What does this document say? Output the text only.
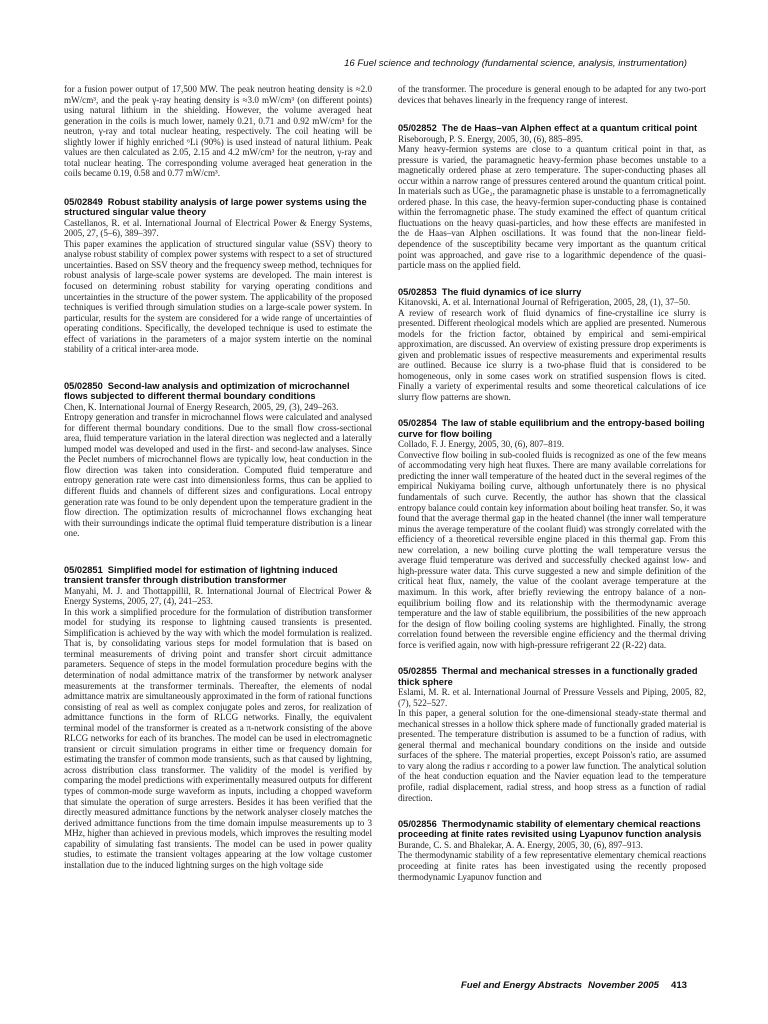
16 Fuel science and technology (fundamental science, analysis, instrumentation)

for a fusion power output of 17,500 MW. The peak neutron heating density is ≈2.0 mW/cm³, and the peak γ-ray heating density is ≈3.0 mW/cm³ (on different points) using natural lithium in the shielding. However, the volume averaged heat generation in the coils is much lower, namely 0.21, 0.71 and 0.92 mW/cm³ for the neutron, γ-ray and total nuclear heating, respectively. The coil heating will be slightly lower if highly enriched ⁶Li (90%) is used instead of natural lithium. Peak values are then calculated as 2.05, 2.15 and 4.2 mW/cm³ for the neutron, γ-ray and total nuclear heating. The corresponding volume averaged heat generation in the coils became 0.19, 0.58 and 0.77 mW/cm³.

05/02849 Robust stability analysis of large power systems using the structured singular value theory
Castellanos, R. et al. International Journal of Electrical Power & Energy Systems, 2005, 27, (5–6), 389–397.
This paper examines the application of structured singular value (SSV) theory to analyse robust stability of complex power systems with respect to a set of structured uncertainties. Based on SSV theory and the frequency sweep method, techniques for robust analysis of large-scale power systems are developed. The main interest is focused on determining robust stability for varying operating conditions and uncertainties in the structure of the power system. The applicability of the proposed techniques is verified through simulation studies on a large-scale power system. In particular, results for the system are considered for a wide range of uncertainties of operating conditions. Specifically, the developed technique is used to estimate the effect of variations in the parameters of a major system intertie on the nominal stability of a critical inter-area mode.
05/02850 Second-law analysis and optimization of microchannel flows subjected to different thermal boundary conditions
Chen, K. International Journal of Energy Research, 2005, 29, (3), 249–263.
Entropy generation and transfer in microchannel flows were calculated and analysed for different thermal boundary conditions. Due to the small flow cross-sectional area, fluid temperature variation in the lateral direction was neglected and a laterally lumped model was developed and used in the first- and second-law analyses. Since the Peclet numbers of microchannel flows are typically low, heat conduction in the flow direction was taken into consideration. Computed fluid temperature and entropy generation rate were cast into dimensionless forms, thus can be applied to different fluids and channels of different sizes and configurations. Local entropy generation rate was found to be only dependent upon the temperature gradient in the flow direction. The optimization results of microchannel flows exchanging heat with their surroundings indicate the optimal fluid temperature distribution is a linear one.
05/02851 Simplified model for estimation of lightning induced transient transfer through distribution transformer
Manyahi, M. J. and Thottappillil, R. International Journal of Electrical Power & Energy Systems, 2005, 27, (4), 241–253.
In this work a simplified procedure for the formulation of distribution transformer model for studying its response to lightning caused transients is presented. Simplification is achieved by the way with which the model formulation is realized. That is, by consolidating various steps for model formulation that is based on terminal measurements of driving point and transfer short circuit admittance parameters. Sequence of steps in the model formulation procedure begins with the determination of nodal admittance matrix of the transformer by network analyser measurements at the transformer terminals. Thereafter, the elements of nodal admittance matrix are simultaneously approximated in the form of rational functions consisting of real as well as complex conjugate poles and zeros, for realization of admittance functions in the form of RLCG networks. Finally, the equivalent terminal model of the transformer is created as a π-network consisting of the above RLCG networks for each of its branches. The model can be used in electromagnetic transient or circuit simulation programs in either time or frequency domain for estimating the transfer of common mode transients, such as that caused by lightning, across distribution class transformer. The validity of the model is verified by comparing the model predictions with experimentally measured outputs for different types of common-mode surge waveform as inputs, including a chopped waveform that simulate the operation of surge arresters. Besides it has been verified that the directly measured admittance functions by the network analyser closely matches the derived admittance functions from the time domain impulse measurements up to 3 MHz, higher than achieved in previous models, which improves the resulting model capability of simulating fast transients. The model can be used in power quality studies, to estimate the transient voltages appearing at the low voltage customer installation due to the induced lightning surges on the high voltage side

of the transformer. The procedure is general enough to be adapted for any two-port devices that behaves linearly in the frequency range of interest.

05/02852 The de Haas–van Alphen effect at a quantum critical point
Riseborough, P. S. Energy, 2005, 30, (6), 885–895.
Many heavy-fermion systems are close to a quantum critical point in that, as pressure is varied, the paramagnetic heavy-fermion phase becomes unstable to a magnetically ordered phase at zero temperature. The super-conducting phases all occur within a narrow range of pressures centered around the quantum critical point. In materials such as UGe₂, the paramagnetic phase is unstable to a ferromagnetically ordered phase. In this case, the heavy-fermion super-conducting phase is contained within the ferromagnetic phase. The study examined the effect of quantum critical fluctuations on the heavy quasi-particles, and how these effects are manifested in the de Haas–van Alphen oscillations. It was found that the non-linear field-dependence of the susceptibility became very important as the quantum critical point was approached, and gave rise to a logarithmic dependence of the quasi-particle mass on the applied field.
05/02853 The fluid dynamics of ice slurry
Kitanovski, A. et al. International Journal of Refrigeration, 2005, 28, (1), 37–50.
A review of research work of fluid dynamics of fine-crystalline ice slurry is presented. Different rheological models which are applied are presented. Numerous models for the friction factor, obtained by empirical and semi-empirical approximation, are discussed. An overview of existing pressure drop experiments is given and problematic issues of respective measurements and experimental results are outlined. Because ice slurry is a two-phase fluid that is considered to be homogeneous, only in some cases work on stratified suspension flows is cited. Finally a variety of experimental results and some theoretical calculations of ice slurry flow patterns are shown.
05/02854 The law of stable equilibrium and the entropy-based boiling curve for flow boiling
Collado, F. J. Energy, 2005, 30, (6), 807–819.
Convective flow boiling in sub-cooled fluids is recognized as one of the few means of accommodating very high heat fluxes. There are many available correlations for predicting the inner wall temperature of the heated duct in the several regimes of the empirical Nukiyama boiling curve, although unfortunately there is no physical fundamentals of such curve. Recently, the author has shown that the classical entropy balance could contain key information about boiling heat transfer. So, it was found that the average thermal gap in the heated channel (the inner wall temperature minus the average temperature of the coolant fluid) was strongly correlated with the efficiency of a theoretical reversible engine placed in this thermal gap. From this new correlation, a new boiling curve plotting the wall temperature versus the average fluid temperature was derived and successfully checked against low- and high-pressure water data. This curve suggested a new and simple definition of the critical heat flux, namely, the value of the coolant average temperature at the maximum. In this work, after briefly reviewing the entropy balance of a non-equilibrium boiling flow and its relationship with the thermodynamic average temperature and the law of stable equilibrium, the possibilities of the new approach for the design of flow boiling cooling systems are highlighted. Finally, the strong correlation found between the reversible engine efficiency and the thermal driving force is verified again, now with high-pressure refrigerant 22 (R-22) data.
05/02855 Thermal and mechanical stresses in a functionally graded thick sphere
Eslami, M. R. et al. International Journal of Pressure Vessels and Piping, 2005, 82, (7), 522–527.
In this paper, a general solution for the one-dimensional steady-state thermal and mechanical stresses in a hollow thick sphere made of functionally graded material is presented. The temperature distribution is assumed to be a function of radius, with general thermal and mechanical boundary conditions on the inside and outside surfaces of the sphere. The material properties, except Poisson's ratio, are assumed to vary along the radius r according to a power law function. The analytical solution of the heat conduction equation and the Navier equation lead to the temperature profile, radial displacement, radial stress, and hoop stress as a function of radial direction.
05/02856 Thermodynamic stability of elementary chemical reactions proceeding at finite rates revisited using Lyapunov function analysis
Burande, C. S. and Bhalekar, A. A. Energy, 2005, 30, (6), 897–913.
The thermodynamic stability of a few representative elementary chemical reactions proceeding at finite rates has been investigated using the recently proposed thermodynamic Lyapunov function and
Fuel and Energy Abstracts November 2005 413
